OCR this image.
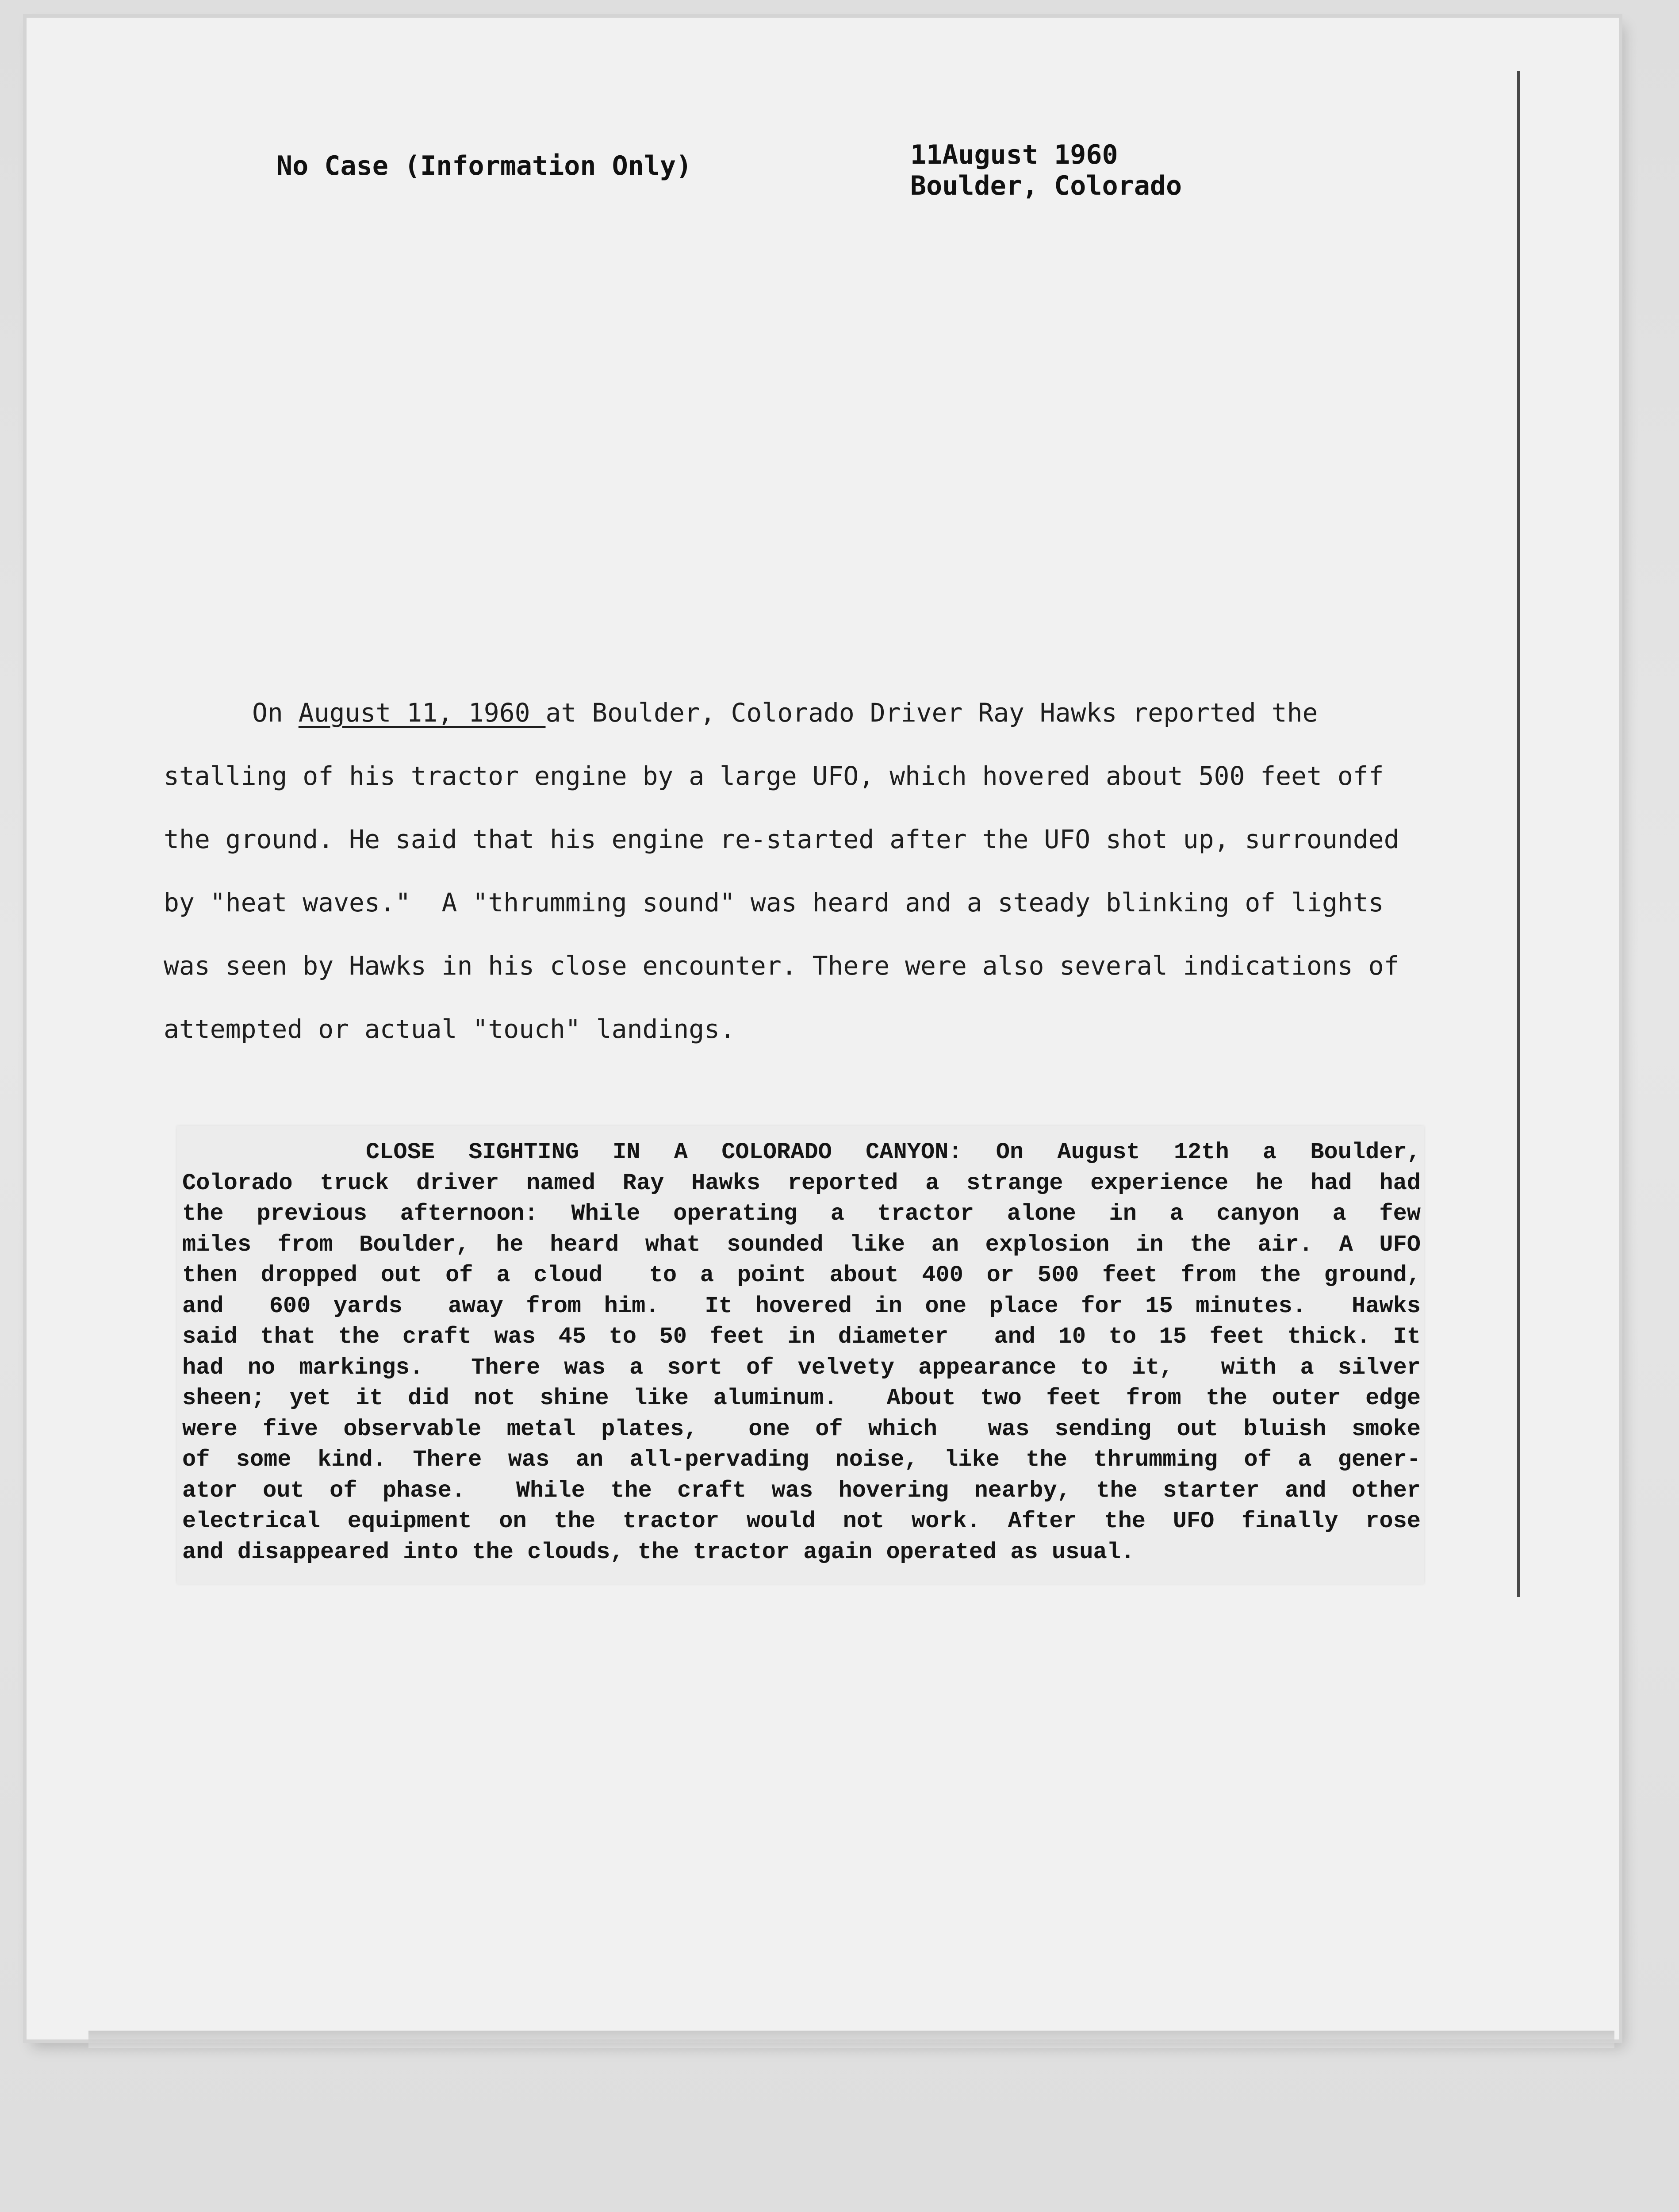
No Case (Information Only)	11August 1960
Boulder, Colorado
On August 11, 1960 at Boulder, Colorado Driver Ray Hawks reported the
stalling of his tractor engine by a large UFO, which hovered about 500 feet off
the ground. He said that his engine re-started after the UFO shot up, surrounded
by "heat waves."  A "thrumming sound" was heard and a steady blinking of lights
was seen by Hawks in his close encounter. There were also several indications of
attempted or actual "touch" landings.
CLOSE SIGHTING IN A COLORADO CANYON: On August 12th a Boulder,
Colorado truck driver named Ray Hawks reported a strange experience he had had
the previous afternoon: While operating a tractor alone in a canyon a few
miles from Boulder, he heard what sounded like an explosion in the air. A UFO
then dropped out of a cloud  to a point about 400 or 500 feet from the ground,
and  600 yards  away from him.  It hovered in one place for 15 minutes.  Hawks
said that the craft was 45 to 50 feet in diameter  and 10 to 15 feet thick. It
had no markings.  There was a sort of velvety appearance to it,  with a silver
sheen; yet it did not shine like aluminum.  About two feet from the outer edge
were five observable metal plates,  one of which  was sending out bluish smoke
of some kind. There was an all-pervading noise, like the thrumming of a gener-
ator out of phase.  While the craft was hovering nearby, the starter and other
electrical equipment on the tractor would not work. After the UFO finally rose
and disappeared into the clouds, the tractor again operated as usual.
